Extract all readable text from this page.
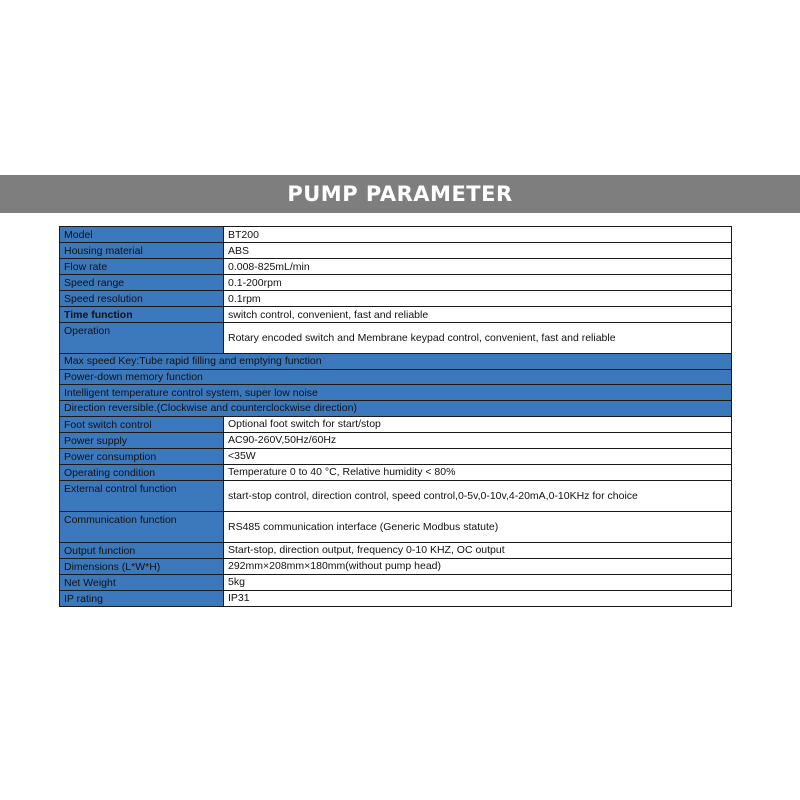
PUMP PARAMETER
Model	BT200
Housing material	ABS
Flow rate	0.008-825mL/min
Speed range	0.1-200rpm
Speed resolution	0.1rpm
Time function	switch control, convenient, fast and reliable
Operation	Rotary encoded switch and Membrane keypad control, convenient, fast and reliable
Max speed Key:Tube rapid filling and emptying function	
Power-down memory function	
Intelligent temperature control system, super low noise	
Direction reversible.(Clockwise and counterclockwise direction)	
Foot switch control	Optional foot switch for start/stop
Power supply	AC90-260V,50Hz/60Hz
Power consumption	<35W
Operating condition	Temperature 0 to 40 °C, Relative humidity < 80%
External control function	start-stop control, direction control, speed control,0-5v,0-10v,4-20mA,0-10KHz for choice
Communication function	RS485 communication interface (Generic Modbus statute)
Output function	Start-stop, direction output, frequency 0-10 KHZ, OC output
Dimensions (L*W*H)	292mm×208mm×180mm(without pump head)
Net Weight	5kg
IP rating	IP31
